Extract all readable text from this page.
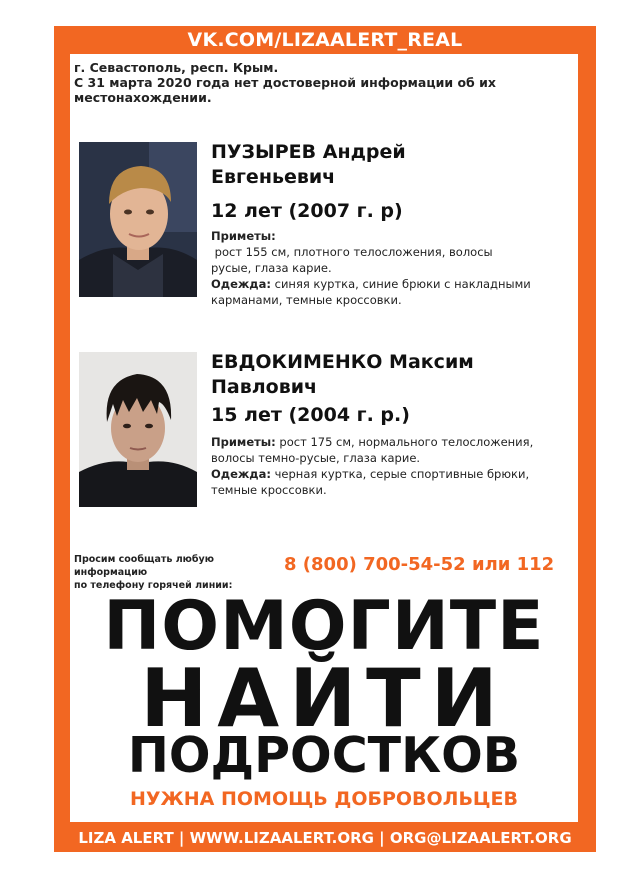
VK.COM/LIZAALERT_REAL
г. Севастополь, респ. Крым.
С 31 марта 2020 года нет достоверной информации об их
местонахождении.
ПУЗЫРЕВ Андрей
Евгеньевич
12 лет (2007 г. р)
Приметы: рост 155 см, плотного телосложения, волосы
русые, глаза карие.
Одежда: синяя куртка, синие брюки с накладными
карманами, темные кроссовки.
ЕВДОКИМЕНКО Максим
Павлович
15 лет (2004 г. р.)
Приметы: рост 175 см, нормального телосложения,
волосы темно-русые, глаза карие.
Одежда: черная куртка, серые спортивные брюки,
темные кроссовки.
Просим сообщать любую информацию
по телефону горячей линии:
8 (800) 700-54-52 или 112
ПОМОГИТЕ
НАЙТИ
ПОДРОСТКОВ
НУЖНА ПОМОЩЬ ДОБРОВОЛЬЦЕВ
LIZA ALERT | WWW.LIZAALERT.ORG | ORG@LIZAALERT.ORG
